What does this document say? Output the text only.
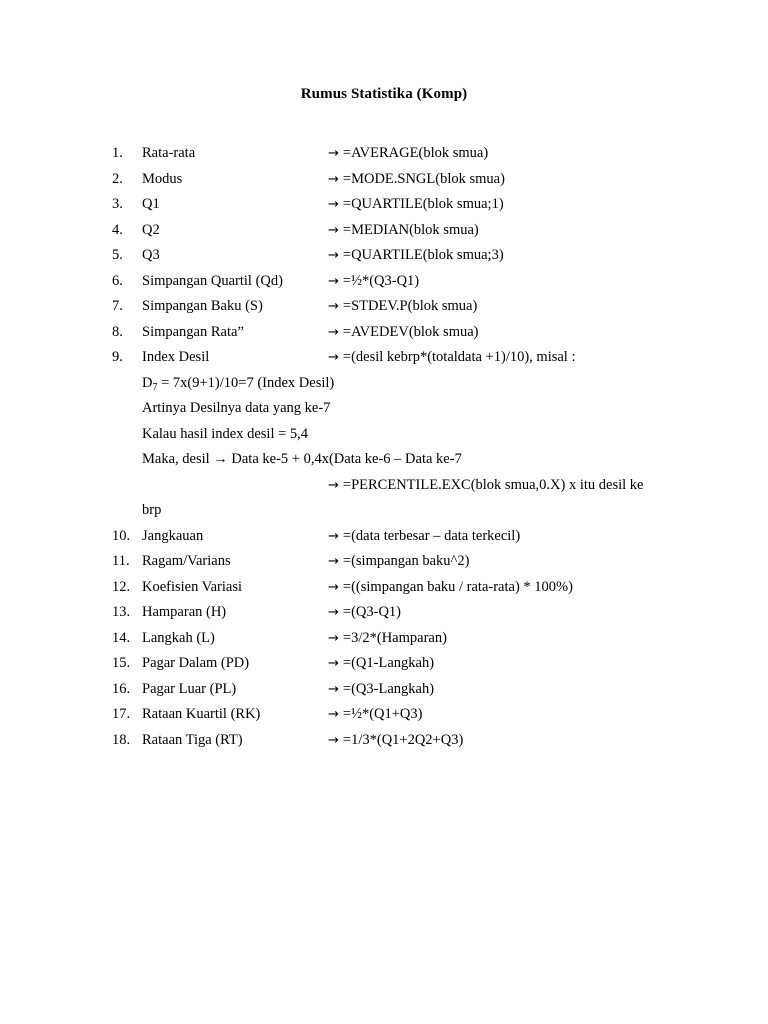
Rumus Statistika (Komp)
1.	Rata-rata	→ =AVERAGE(blok smua)
2.	Modus	→ =MODE.SNGL(blok smua)
3.	Q1	→ =QUARTILE(blok smua;1)
4.	Q2	→ =MEDIAN(blok smua)
5.	Q3	→ =QUARTILE(blok smua;3)
6.	Simpangan Quartil (Qd)	→ =½*(Q3-Q1)
7.	Simpangan Baku (S)	→ =STDEV.P(blok smua)
8.	Simpangan Rata”	→ =AVEDEV(blok smua)
9.	Index Desil	→ =(desil kebrp*(totaldata +1)/10), misal :
$D_7 = 7x(9+1)/10=7$ (Index Desil)
Artinya Desilnya data yang ke-7
Kalau hasil index desil = 5,4
Maka, desil → Data ke-5 + 0,4x(Data ke-6 – Data ke-7
→ =PERCENTILE.EXC(blok smua,0.X) x itu desil ke
brp
10. Jangkauan	→ =(data terbesar – data terkecil)
11. Ragam/Varians	→ =(simpangan baku^2)
12. Koefisien Variasi	→ =((simpangan baku / rata-rata) * 100%)
13. Hamparan (H)	→ =(Q3-Q1)
14. Langkah (L)	→ =3/2*(Hamparan)
15. Pagar Dalam (PD)	→ =(Q1-Langkah)
16. Pagar Luar (PL)	→ =(Q3-Langkah)
17. Rataan Kuartil (RK)	→ =½*(Q1+Q3)
18. Rataan Tiga (RT)	→ =1/3*(Q1+2Q2+Q3)
